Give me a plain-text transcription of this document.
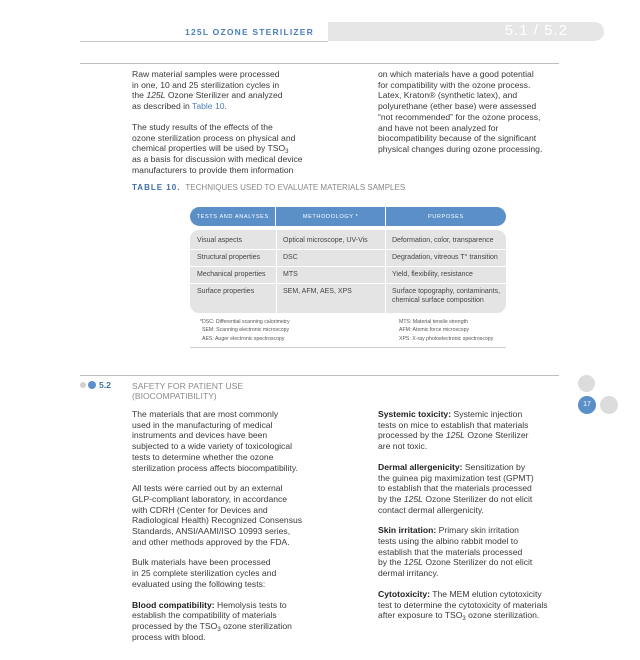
125L OZONE STERILIZER	5.1 / 5.2

Raw material samples were processed
in one, 10 and 25 sterilization cycles in
the 125L Ozone Sterilizer and analyzed
as described in Table 10.

The study results of the effects of the
ozone sterilization process on physical and
chemical properties will be used by $TSO_3$
as a basis for discussion with medical device
manufacturers to provide them information

on which materials have a good potential
for compatibility with the ozone process.
Latex, Kraton® (synthetic latex), and
polyurethane (ether base) were assessed
“not recommended” for the ozone process,
and have not been analyzed for
biocompatibility because of the significant
physical changes during ozone processing.

TABLE 10. TECHNIQUES USED TO EVALUATE MATERIALS SAMPLES
TESTS AND ANALYSES	METHODOLOGY *	PURPOSES
Visual aspects	Optical microscope, UV-Vis	Deformation, color, transparence
Structural properties	DSC	Degradation, vitreous T° transition
Mechanical properties	MTS	Yield, flexibility, resistance
Surface properties	SEM, AFM, AES, XPS	Surface topography, contaminants,
chemical surface composition
*DSC: Differential scanning calorimetry
SEM: Scanning electronic microscopy
AES: Auger electronic spectroscopy
MTS: Material tensile strength
AFM: Atomic force microscopy
XPS: X-ray photoelectronic spectroscopy
5.2 SAFETY FOR PATIENT USE
(BIOCOMPATIBILITY)
17

The materials that are most commonly
used in the manufacturing of medical
instruments and devices have been
subjected to a wide variety of toxicological
tests to determine whether the ozone
sterilization process affects biocompatibility.

All tests were carried out by an external
GLP-compliant laboratory, in accordance
with CDRH (Center for Devices and
Radiological Health) Recognized Consensus
Standards, ANSI/AAMI/ISO 10993 series,
and other methods approved by the FDA.

Bulk materials have been processed
in 25 complete sterilization cycles and
evaluated using the following tests:

Blood compatibility: Hemolysis tests to
establish the compatibility of materials
processed by the $TSO_3$ ozone sterilization
process with blood.

Systemic toxicity: Systemic injection
tests on mice to establish that materials
processed by the 125L Ozone Sterilizer
are not toxic.

Dermal allergenicity: Sensitization by
the guinea pig maximization test (GPMT)
to establish that the materials processed
by the 125L Ozone Sterilizer do not elicit
contact dermal allergenicity.

Skin irritation: Primary skin irritation
tests using the albino rabbit model to
establish that the materials processed
by the 125L Ozone Sterilizer do not elicit
dermal irritancy.

Cytotoxicity: The MEM elution cytotoxicity
test to determine the cytotoxicity of materials
after exposure to $TSO_3$ ozone sterilization.
